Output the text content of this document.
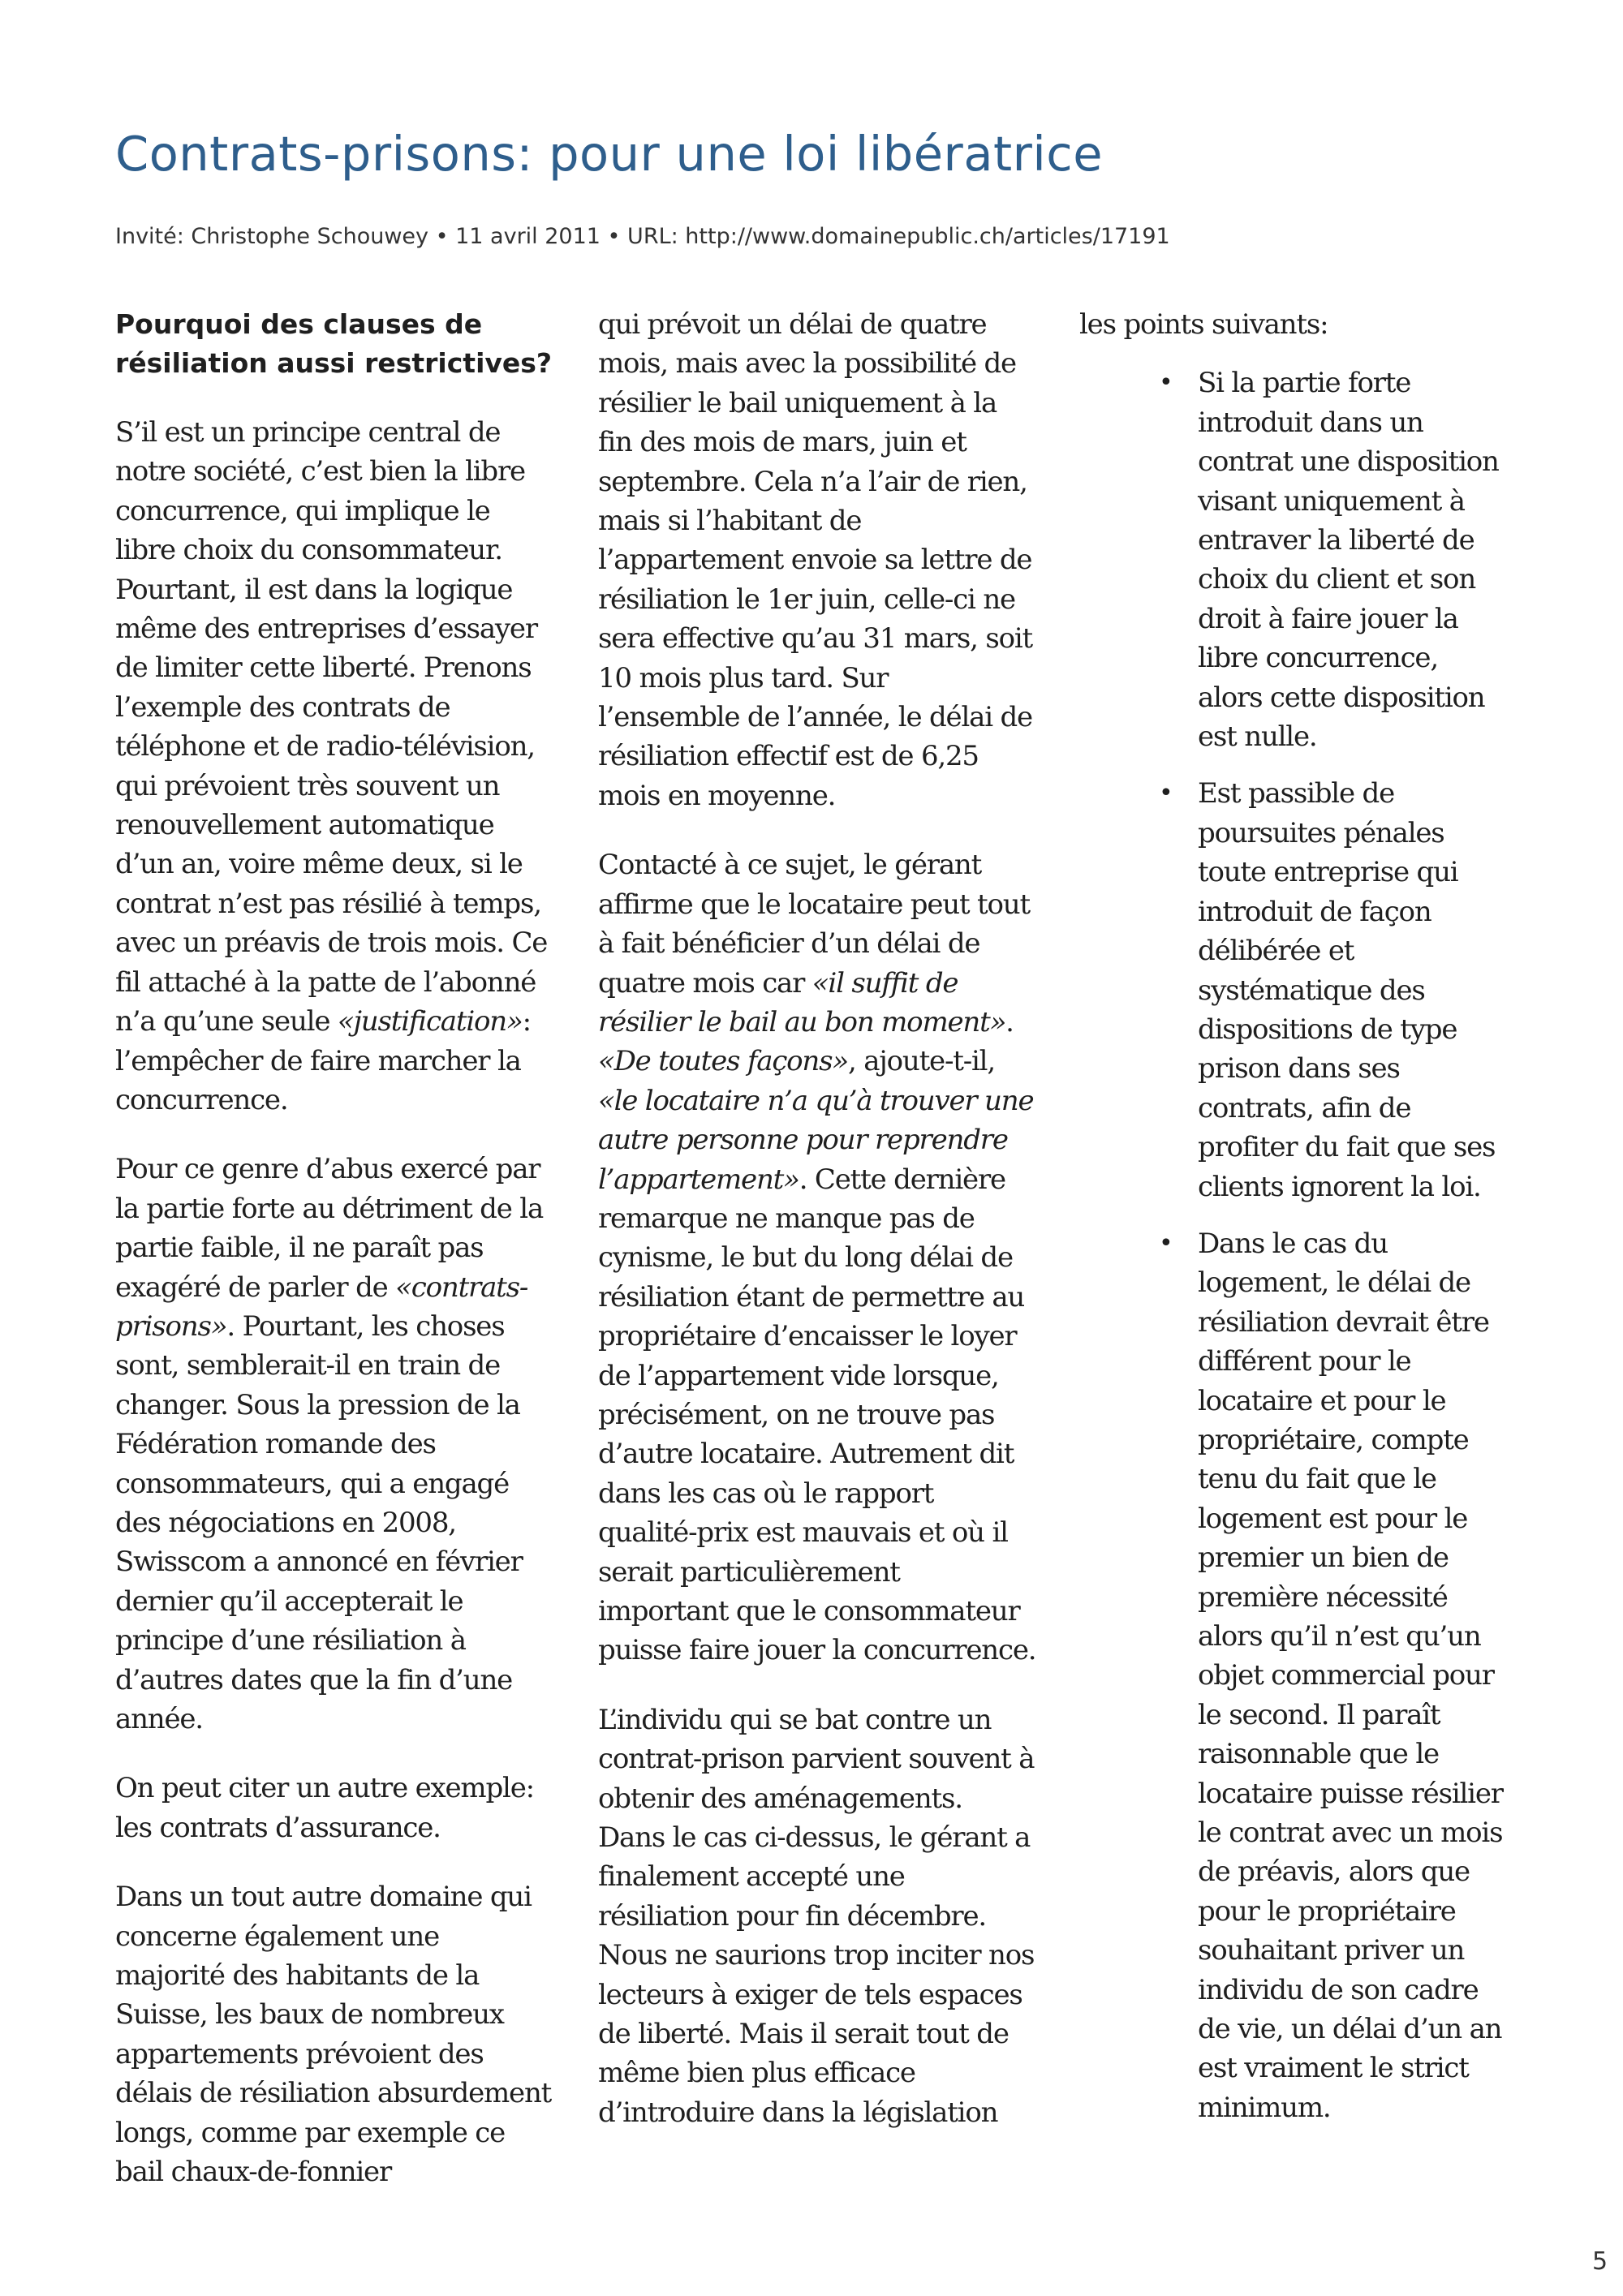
Contrats-prisons: pour une loi libératrice
Invité: Christophe Schouwey • 11 avril 2011 • URL: http://www.domainepublic.ch/articles/17191
Pourquoi des clauses de résiliation aussi restrictives?

S’il est un principe central de notre société, c’est bien la libre concurrence, qui implique le libre choix du consommateur. Pourtant, il est dans la logique même des entreprises d’essayer de limiter cette liberté. Prenons l’exemple des contrats de téléphone et de radio-télévision, qui prévoient très souvent un renouvellement automatique d’un an, voire même deux, si le contrat n’est pas résilié à temps, avec un préavis de trois mois. Ce fil attaché à la patte de l’abonné n’a qu’une seule «justification»: l’empêcher de faire marcher la concurrence.

Pour ce genre d’abus exercé par la partie forte au détriment de la partie faible, il ne paraît pas exagéré de parler de «contrats-prisons». Pourtant, les choses sont, semblerait-il en train de changer. Sous la pression de la Fédération romande des consommateurs, qui a engagé des négociations en 2008, Swisscom a annoncé en février dernier qu’il accepterait le principe d’une résiliation à d’autres dates que la fin d’une année.

On peut citer un autre exemple: les contrats d’assurance.

Dans un tout autre domaine qui concerne également une majorité des habitants de la Suisse, les baux de nombreux appartements prévoient des délais de résiliation absurdement longs, comme par exemple ce bail chaux-de-fonnier

qui prévoit un délai de quatre mois, mais avec la possibilité de résilier le bail uniquement à la fin des mois de mars, juin et septembre. Cela n’a l’air de rien, mais si l’habitant de l’appartement envoie sa lettre de résiliation le 1er juin, celle-ci ne sera effective qu’au 31 mars, soit 10 mois plus tard. Sur l’ensemble de l’année, le délai de résiliation effectif est de 6,25 mois en moyenne.

Contacté à ce sujet, le gérant affirme que le locataire peut tout à fait bénéficier d’un délai de quatre mois car «il suffit de résilier le bail au bon moment». «De toutes façons», ajoute-t-il, «le locataire n’a qu’à trouver une autre personne pour reprendre l’appartement». Cette dernière remarque ne manque pas de cynisme, le but du long délai de résiliation étant de permettre au propriétaire d’encaisser le loyer de l’appartement vide lorsque, précisément, on ne trouve pas d’autre locataire. Autrement dit dans les cas où le rapport qualité-prix est mauvais et où il serait particulièrement important que le consommateur puisse faire jouer la concurrence.

L’individu qui se bat contre un contrat-prison parvient souvent à obtenir des aménagements. Dans le cas ci-dessus, le gérant a finalement accepté une résiliation pour fin décembre. Nous ne saurions trop inciter nos lecteurs à exiger de tels espaces de liberté. Mais il serait tout de même bien plus efficace d’introduire dans la législation

les points suivants:

• Si la partie forte introduit dans un contrat une disposition visant uniquement à entraver la liberté de choix du client et son droit à faire jouer la libre concurrence, alors cette disposition est nulle.
• Est passible de poursuites pénales toute entreprise qui introduit de façon délibérée et systématique des dispositions de type prison dans ses contrats, afin de profiter du fait que ses clients ignorent la loi.
• Dans le cas du logement, le délai de résiliation devrait être différent pour le locataire et pour le propriétaire, compte tenu du fait que le logement est pour le premier un bien de première nécessité alors qu’il n’est qu’un objet commercial pour le second. Il paraît raisonnable que le locataire puisse résilier le contrat avec un mois de préavis, alors que pour le propriétaire souhaitant priver un individu de son cadre de vie, un délai d’un an est vraiment le strict minimum.
5
